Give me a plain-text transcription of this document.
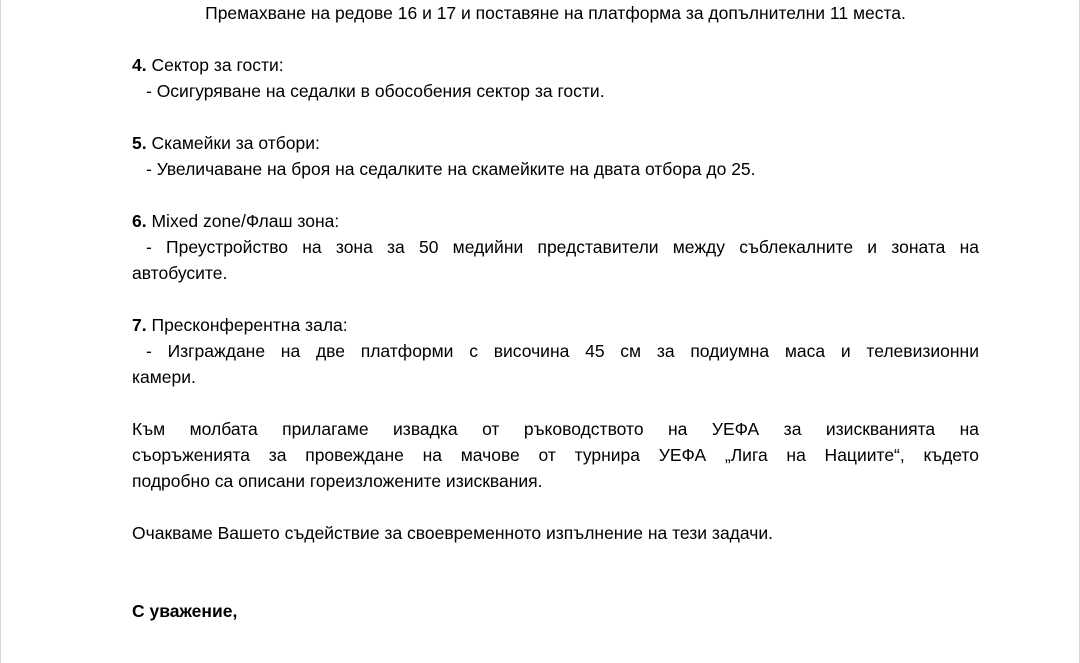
Премахване на редове 16 и 17 и поставяне на платформа за допълнителни 11 места.

4. Сектор за гости:
- Осигуряване на седалки в обособения сектор за гости.
5. Скамейки за отбори:
- Увеличаване на броя на седалките на скамейките на двата отбора до 25.
6. Mixed zone/Флаш зона:
- Преустройство на зона за 50 медийни представители между съблекалните и зоната на
автобусите.
7. Пресконферентна зала:
- Изграждане на две платформи с височина 45 см за подиумна маса и телевизионни
камери.
Към молбата прилагаме извадка от ръководството на УЕФА за изискванията на
съоръженията за провеждане на мачове от турнира УЕФА „Лига на Нациите“, където
подробно са описани гореизложените изисквания.

Очакваме Вашето съдействие за своевременното изпълнение на тези задачи.

С уважение,
